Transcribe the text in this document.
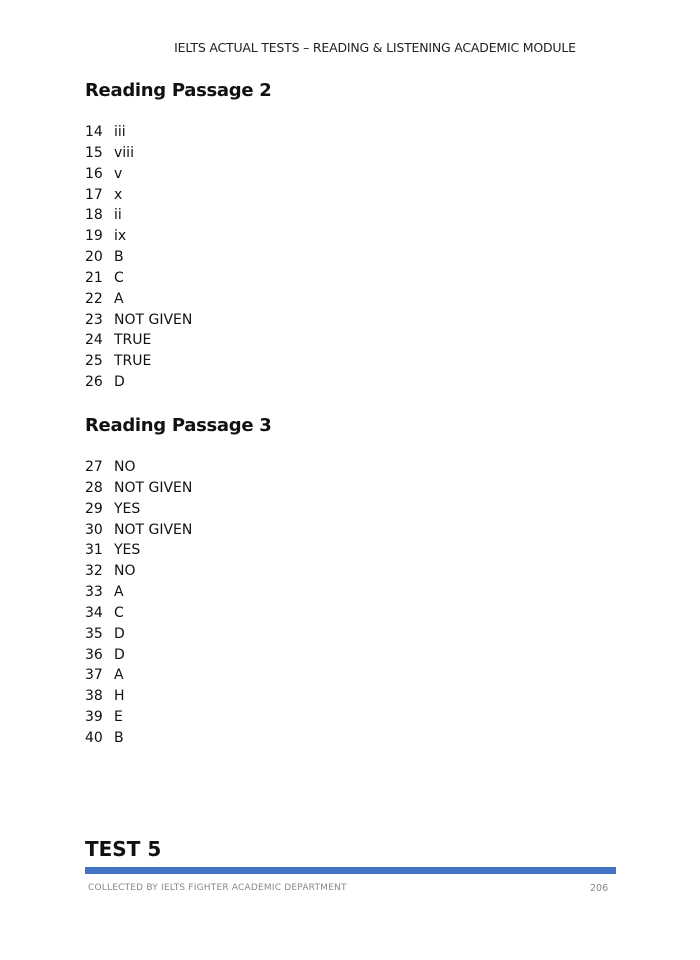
IELTS ACTUAL TESTS – READING & LISTENING ACADEMIC MODULE
Reading Passage 2
14 iii
15 viii
16 v
17 x
18 ii
19 ix
20 B
21 C
22 A
23 NOT GIVEN
24 TRUE
25 TRUE
26 D
Reading Passage 3
27 NO
28 NOT GIVEN
29 YES
30 NOT GIVEN
31 YES
32 NO
33 A
34 C
35 D
36 D
37 A
38 H
39 E
40 B
TEST 5
COLLECTED BY IELTS FIGHTER ACADEMIC DEPARTMENT	206
